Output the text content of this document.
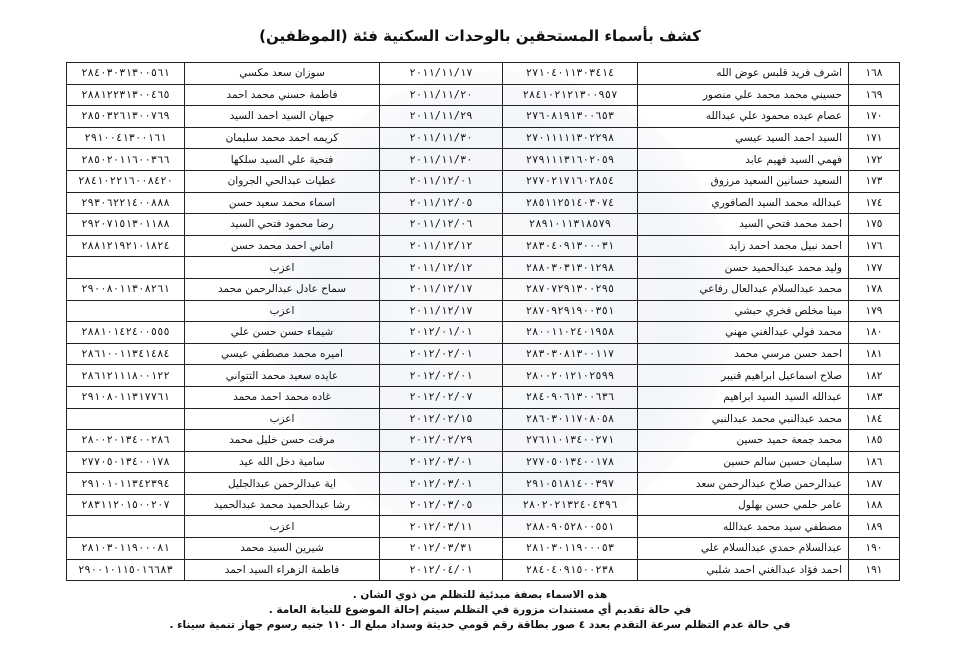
كشف بأسماء المستحقين بالوحدات السكنية فئة (الموظفين)
١٦٨	اشرف فريد قلبس عوض الله	٢٧١٠٤٠١١٣٠٣٤١٤	٢٠١١/١١/١٧	سوزان سعد مكسي	٢٨٤٠٣٠٣١٣٠٠٥٦١
١٦٩	حسيني محمد محمد علي منصور	٢٨٤١٠٢١٢١٣٠٠٩٥٧	٢٠١١/١١/٢٠	فاطمة حسني محمد احمد	٢٨٨١٢٢٣١٣٠٠٤٦٥
١٧٠	عصام عبده محمود علي عبدالله	٢٧٦٠٨١٩١٣٠٠٦٥٣	٢٠١١/١١/٢٩	جيهان السيد احمد السيد	٢٨٥٠٣٢٦١٣٠٠٧٦٩
١٧١	السيد احمد السيد عيسي	٢٧٠١١١١١٣٠٢٢٩٨	٢٠١١/١١/٣٠	كريمه احمد محمد سليمان	٢٩١٠٠٤١٣٠٠١٦١
١٧٢	فهمي السيد فهيم عابد	٢٧٩١١١٣١٦٠٢٠٥٩	٢٠١١/١١/٣٠	فتحية علي السيد سلكها	٢٨٥٠٢٠١١٦٠٠٣٦٦
١٧٣	السعيد حسانين السعيد مرزوق	٢٧٧٠٢١٧١٦٠٢٨٥٤	٢٠١١/١٢/٠١	عطيات عبدالحي الجروان	٢٨٤١٠٢٢١٦٠٠٨٤٢٠
١٧٤	عبدالله محمد السيد الصافوري	٢٨٥١١٢٥١٤٠٣٠٧٤	٢٠١١/١٢/٠٥	اسماء محمد سعيد حسن	٢٩٣٠٦٢٢١٤٠٠٨٨٨
١٧٥	احمد محمد فتحي السيد	٢٨٩١٠١١٣١٨٥٧٩	٢٠١١/١٢/٠٦	رضا محمود فتحي السيد	٢٩٢٠٧١٥١٣٠١١٨٨
١٧٦	احمد نبيل محمد احمد زايد	٢٨٣٠٤٠٩١٣٠٠٠٣١	٢٠١١/١٢/١٢	اماني احمد محمد حسن	٢٨٨١٢١٩٢١٠١٨٢٤
١٧٧	وليد محمد عبدالحميد حسن	٢٨٨٠٣٠٣١٣٠١٢٩٨	٢٠١١/١٢/١٢	اعزب	
١٧٨	محمد عبدالسلام عبدالعال رفاعي	٢٨٧٠٧٢٩١٣٠٠٢٩٥	٢٠١١/١٢/١٧	سماح عادل عبدالرحمن محمد	٢٩٠٠٨٠١١٣٠٨٢٦١
١٧٩	مينا مخلص فخري حبشي	٢٨٧٠٩٢٩١٩٠٠٣٥١	٢٠١١/١٢/١٧	اعزب	
١٨٠	محمد فولي عبدالغني مهني	٢٨٠٠١١٠٢٤٠١٩٥٨	٢٠١٢/٠١/٠١	شيماء حسن حسن علي	٢٨٨١٠١٤٢٤٠٠٥٥٥
١٨١	احمد حسن مرسي محمد	٢٨٣٠٣٠٨١٣٠٠١١٧	٢٠١٢/٠٢/٠١	اميره محمد مصطفي عيسي	٢٨٦١٠٠١١٣٤١٤٨٤
١٨٢	صلاح اسماعيل ابراهيم قنيبر	٢٨٠٠٢٠١٢١٠٢٥٩٩	٢٠١٢/٠٢/٠١	عايده سعيد محمد التتواني	٢٨٦١٢١١١٨٠٠١٢٢
١٨٣	عبدالله السيد السيد ابراهيم	٢٨٤٠٩٠٦١٣٠٠٦٣٦	٢٠١٢/٠٢/٠٧	غاده محمد احمد محمد	٢٩١٠٨٠١١٣١٧٧٦١
١٨٤	محمد عبدالنبي محمد عبدالنبي	٢٨٦٠٣٠١١٧٠٨٠٥٨	٢٠١٢/٠٢/١٥	اعزب	
١٨٥	محمد جمعة حميد حسين	٢٧٦١١٠١٣٤٠٠٢٧١	٢٠١٢/٠٢/٢٩	مرفت حسن خليل محمد	٢٨٠٠٢٠١٣٤٠٠٢٨٦
١٨٦	سليمان حسين سالم حسين	٢٧٧٠٥٠١٣٤٠٠١٧٨	٢٠١٢/٠٣/٠١	سامية دخل الله عيد	٢٧٧٠٥٠١٣٤٠٠١٧٨
١٨٧	عبدالرحمن صلاح عبدالرحمن سعد	٢٩١٠٥١٨١٤٠٠٣٩٧	٢٠١٢/٠٣/٠١	اية عبدالرحمن عبدالجليل	٢٩١٠١٠١١٣٤٢٣٩٤
١٨٨	عامر حلمي حسن بهلول	٢٨٠٢٠٢١٣٢٤٠٤٣٩٦	٢٠١٢/٠٣/٠٥	رشا عبدالحميد محمد عبدالحميد	٢٨٣١١٢٠١٥٠٠٢٠٧
١٨٩	مصطفي سيد محمد عبدالله	٢٨٨٠٩٠٥٢٨٠٠٥٥١	٢٠١٢/٠٣/١١	اعزب	
١٩٠	عبدالسلام حمدي عبدالسلام علي	٢٨١٠٣٠١١٩٠٠٠٥٣	٢٠١٢/٠٣/٣١	شيرين السيد محمد	٢٨١٠٣٠١١٩٠٠٠٨١
١٩١	احمد فؤاد عبدالغني احمد شلبي	٢٨٤٠٤٠٩١٥٠٠٢٣٨	٢٠١٢/٠٤/٠١	فاطمة الزهراء السيد احمد	٢٩٠٠١٠١١٥٠١٦٦٨٣
هذه الاسماء بصفة مبدئية للتظلم من ذوي الشان .
في حالة تقديم أي مستندات مزورة في التظلم سيتم إحالة الموضوع للنيابة العامة .
في حالة عدم التظلم سرعة التقدم بعدد ٤ صور بطاقة رقم قومي حديثة وسداد مبلغ الـ ١١٠ جنيه رسوم جهاز تنمية سيناء .
